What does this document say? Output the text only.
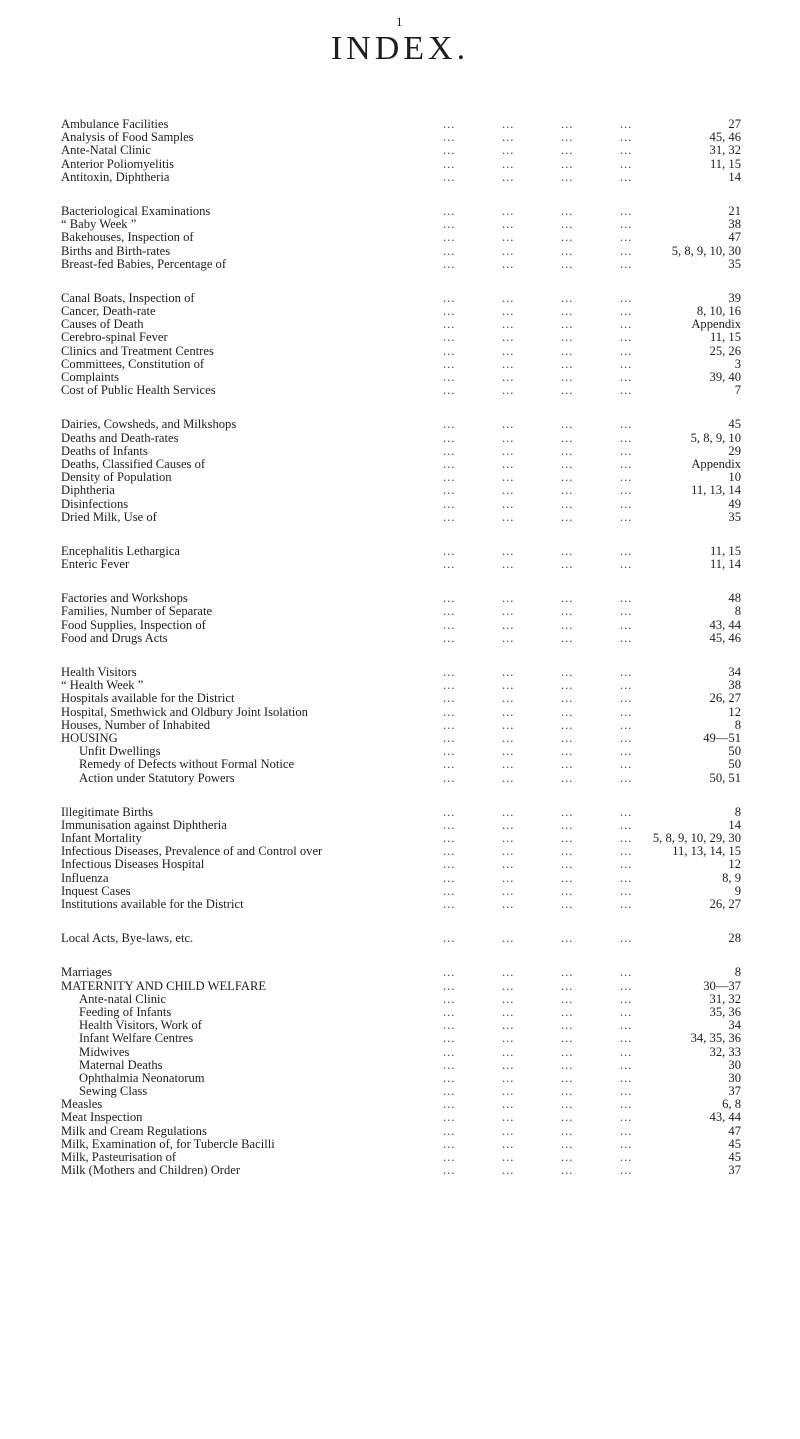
1
INDEX.
Ambulance Facilities	...	...	...	...	27
Analysis of Food Samples	...	...	...	...	45, 46
Ante-Natal Clinic	...	...	...	...	31, 32
Anterior Poliomyelitis	...	...	...	...	11, 15
Antitoxin, Diphtheria	...	...	...	...	14
Bacteriological Examinations	...	...	...	...	21
“ Baby Week ”	...	...	...	...	38
Bakehouses, Inspection of	...	...	...	...	47
Births and Birth-rates	...	...	...	...	5, 8, 9, 10, 30
Breast-fed Babies, Percentage of	...	...	...	...	35
Canal Boats, Inspection of	...	...	...	...	39
Cancer, Death-rate	...	...	...	...	8, 10, 16
Causes of Death	...	...	...	...	Appendix
Cerebro-spinal Fever	...	...	...	...	11, 15
Clinics and Treatment Centres	...	...	...	...	25, 26
Committees, Constitution of	...	...	...	...	3
Complaints	...	...	...	...	39, 40
Cost of Public Health Services	...	...	...	...	7
Dairies, Cowsheds, and Milkshops	...	...	...	...	45
Deaths and Death-rates	...	...	...	...	5, 8, 9, 10
Deaths of Infants	...	...	...	...	29
Deaths, Classified Causes of	...	...	...	...	Appendix
Density of Population	...	...	...	...	10
Diphtheria	...	...	...	...	11, 13, 14
Disinfections	...	...	...	...	49
Dried Milk, Use of	...	...	...	...	35
Encephalitis Lethargica	...	...	...	...	11, 15
Enteric Fever	...	...	...	...	11, 14
Factories and Workshops	...	...	...	...	48
Families, Number of Separate	...	...	...	...	8
Food Supplies, Inspection of	...	...	...	...	43, 44
Food and Drugs Acts	...	...	...	...	45, 46
Health Visitors	...	...	...	...	34
“ Health Week ”	...	...	...	...	38
Hospitals available for the District	...	...	...	...	26, 27
Hospital, Smethwick and Oldbury Joint Isolation	...	...	...	...	12
Houses, Number of Inhabited	...	...	...	...	8
HOUSING	...	...	...	...	49—51
Unfit Dwellings	...	...	...	...	50
Remedy of Defects without Formal Notice	...	...	...	...	50
Action under Statutory Powers	...	...	...	...	50, 51
Illegitimate Births	...	...	...	...	8
Immunisation against Diphtheria	...	...	...	...	14
Infant Mortality	...	...	...	...	5, 8, 9, 10, 29, 30
Infectious Diseases, Prevalence of and Control over	...	...	...	...	11, 13, 14, 15
Infectious Diseases Hospital	...	...	...	...	12
Influenza	...	...	...	...	8, 9
Inquest Cases	...	...	...	...	9
Institutions available for the District	...	...	...	...	26, 27
Local Acts, Bye-laws, etc.	...	...	...	...	28
Marriages	...	...	...	...	8
MATERNITY AND CHILD WELFARE	...	...	...	...	30—37
Ante-natal Clinic	...	...	...	...	31, 32
Feeding of Infants	...	...	...	...	35, 36
Health Visitors, Work of	...	...	...	...	34
Infant Welfare Centres	...	...	...	...	34, 35, 36
Midwives	...	...	...	...	32, 33
Maternal Deaths	...	...	...	...	30
Ophthalmia Neonatorum	...	...	...	...	30
Sewing Class	...	...	...	...	37
Measles	...	...	...	...	6, 8
Meat Inspection	...	...	...	...	43, 44
Milk and Cream Regulations	...	...	...	...	47
Milk, Examination of, for Tubercle Bacilli	...	...	...	...	45
Milk, Pasteurisation of	...	...	...	...	45
Milk (Mothers and Children) Order	...	...	...	...	37
